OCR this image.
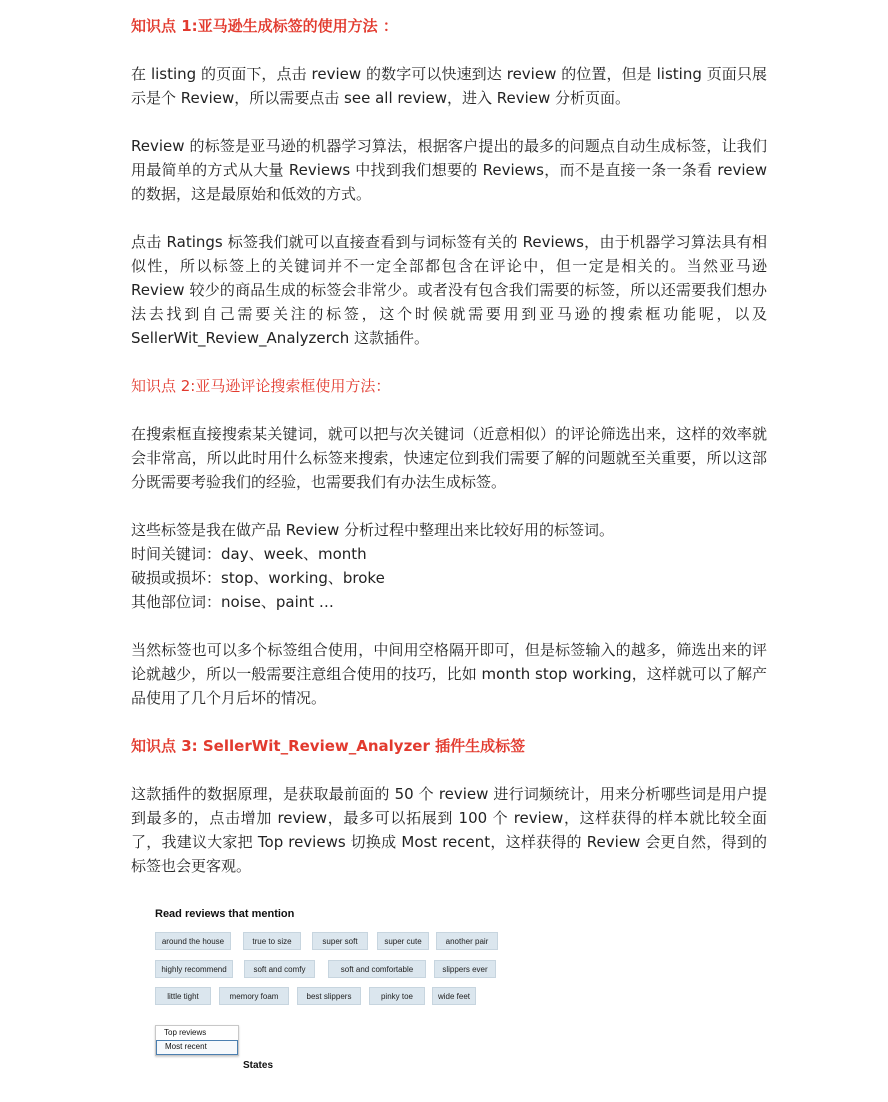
知识点 1:亚马逊生成标签的使用方法 ：

在 listing 的页面下，点击 review 的数字可以快速到达 review 的位置，但是 listing 页面只展示是个 Review，所以需要点击 see all review，进入 Review 分析页面。

Review 的标签是亚马逊的机器学习算法，根据客户提出的最多的问题点自动生成标签，让我们用最简单的方式从大量 Reviews 中找到我们想要的 Reviews，而不是直接一条一条看 review 的数据，这是最原始和低效的方式。

点击 Ratings 标签我们就可以直接查看到与词标签有关的 Reviews，由于机器学习算法具有相似性，所以标签上的关键词并不一定全部都包含在评论中，但一定是相关的。当然亚马逊 Review 较少的商品生成的标签会非常少。或者没有包含我们需要的标签，所以还需要我们想办法去找到自己需要关注的标签，这个时候就需要用到亚马逊的搜索框功能呢，以及 SellerWit_Review_Analyzerch 这款插件。

知识点 2:亚马逊评论搜索框使用方法：

在搜索框直接搜索某关键词，就可以把与次关键词（近意相似）的评论筛选出来，这样的效率就会非常高，所以此时用什么标签来搜索，快速定位到我们需要了解的问题就至关重要，所以这部分既需要考验我们的经验，也需要我们有办法生成标签。

这些标签是我在做产品 Review 分析过程中整理出来比较好用的标签词。

时间关键词：day、week、month

破损或损坏：stop、working、broke

其他部位词：noise、paint …

当然标签也可以多个标签组合使用，中间用空格隔开即可，但是标签输入的越多，筛选出来的评论就越少，所以一般需要注意组合使用的技巧，比如 month stop working，这样就可以了解产品使用了几个月后坏的情况。

知识点 3: SellerWit_Review_Analyzer 插件生成标签

这款插件的数据原理，是获取最前面的 50 个 review 进行词频统计，用来分析哪些词是用户提到最多的，点击增加 review，最多可以拓展到 100 个 review，这样获得的样本就比较全面了，我建议大家把 Top reviews 切换成 Most recent，这样获得的 Review 会更自然，得到的标签也会更客观。

Read reviews that mention
around the house	true to size	super soft	super cute	another pair
highly recommend	soft and comfy	soft and comfortable	slippers ever
little tight	memory foam	best slippers	pinky toe	wide feet
Top reviews
Most recent
States
